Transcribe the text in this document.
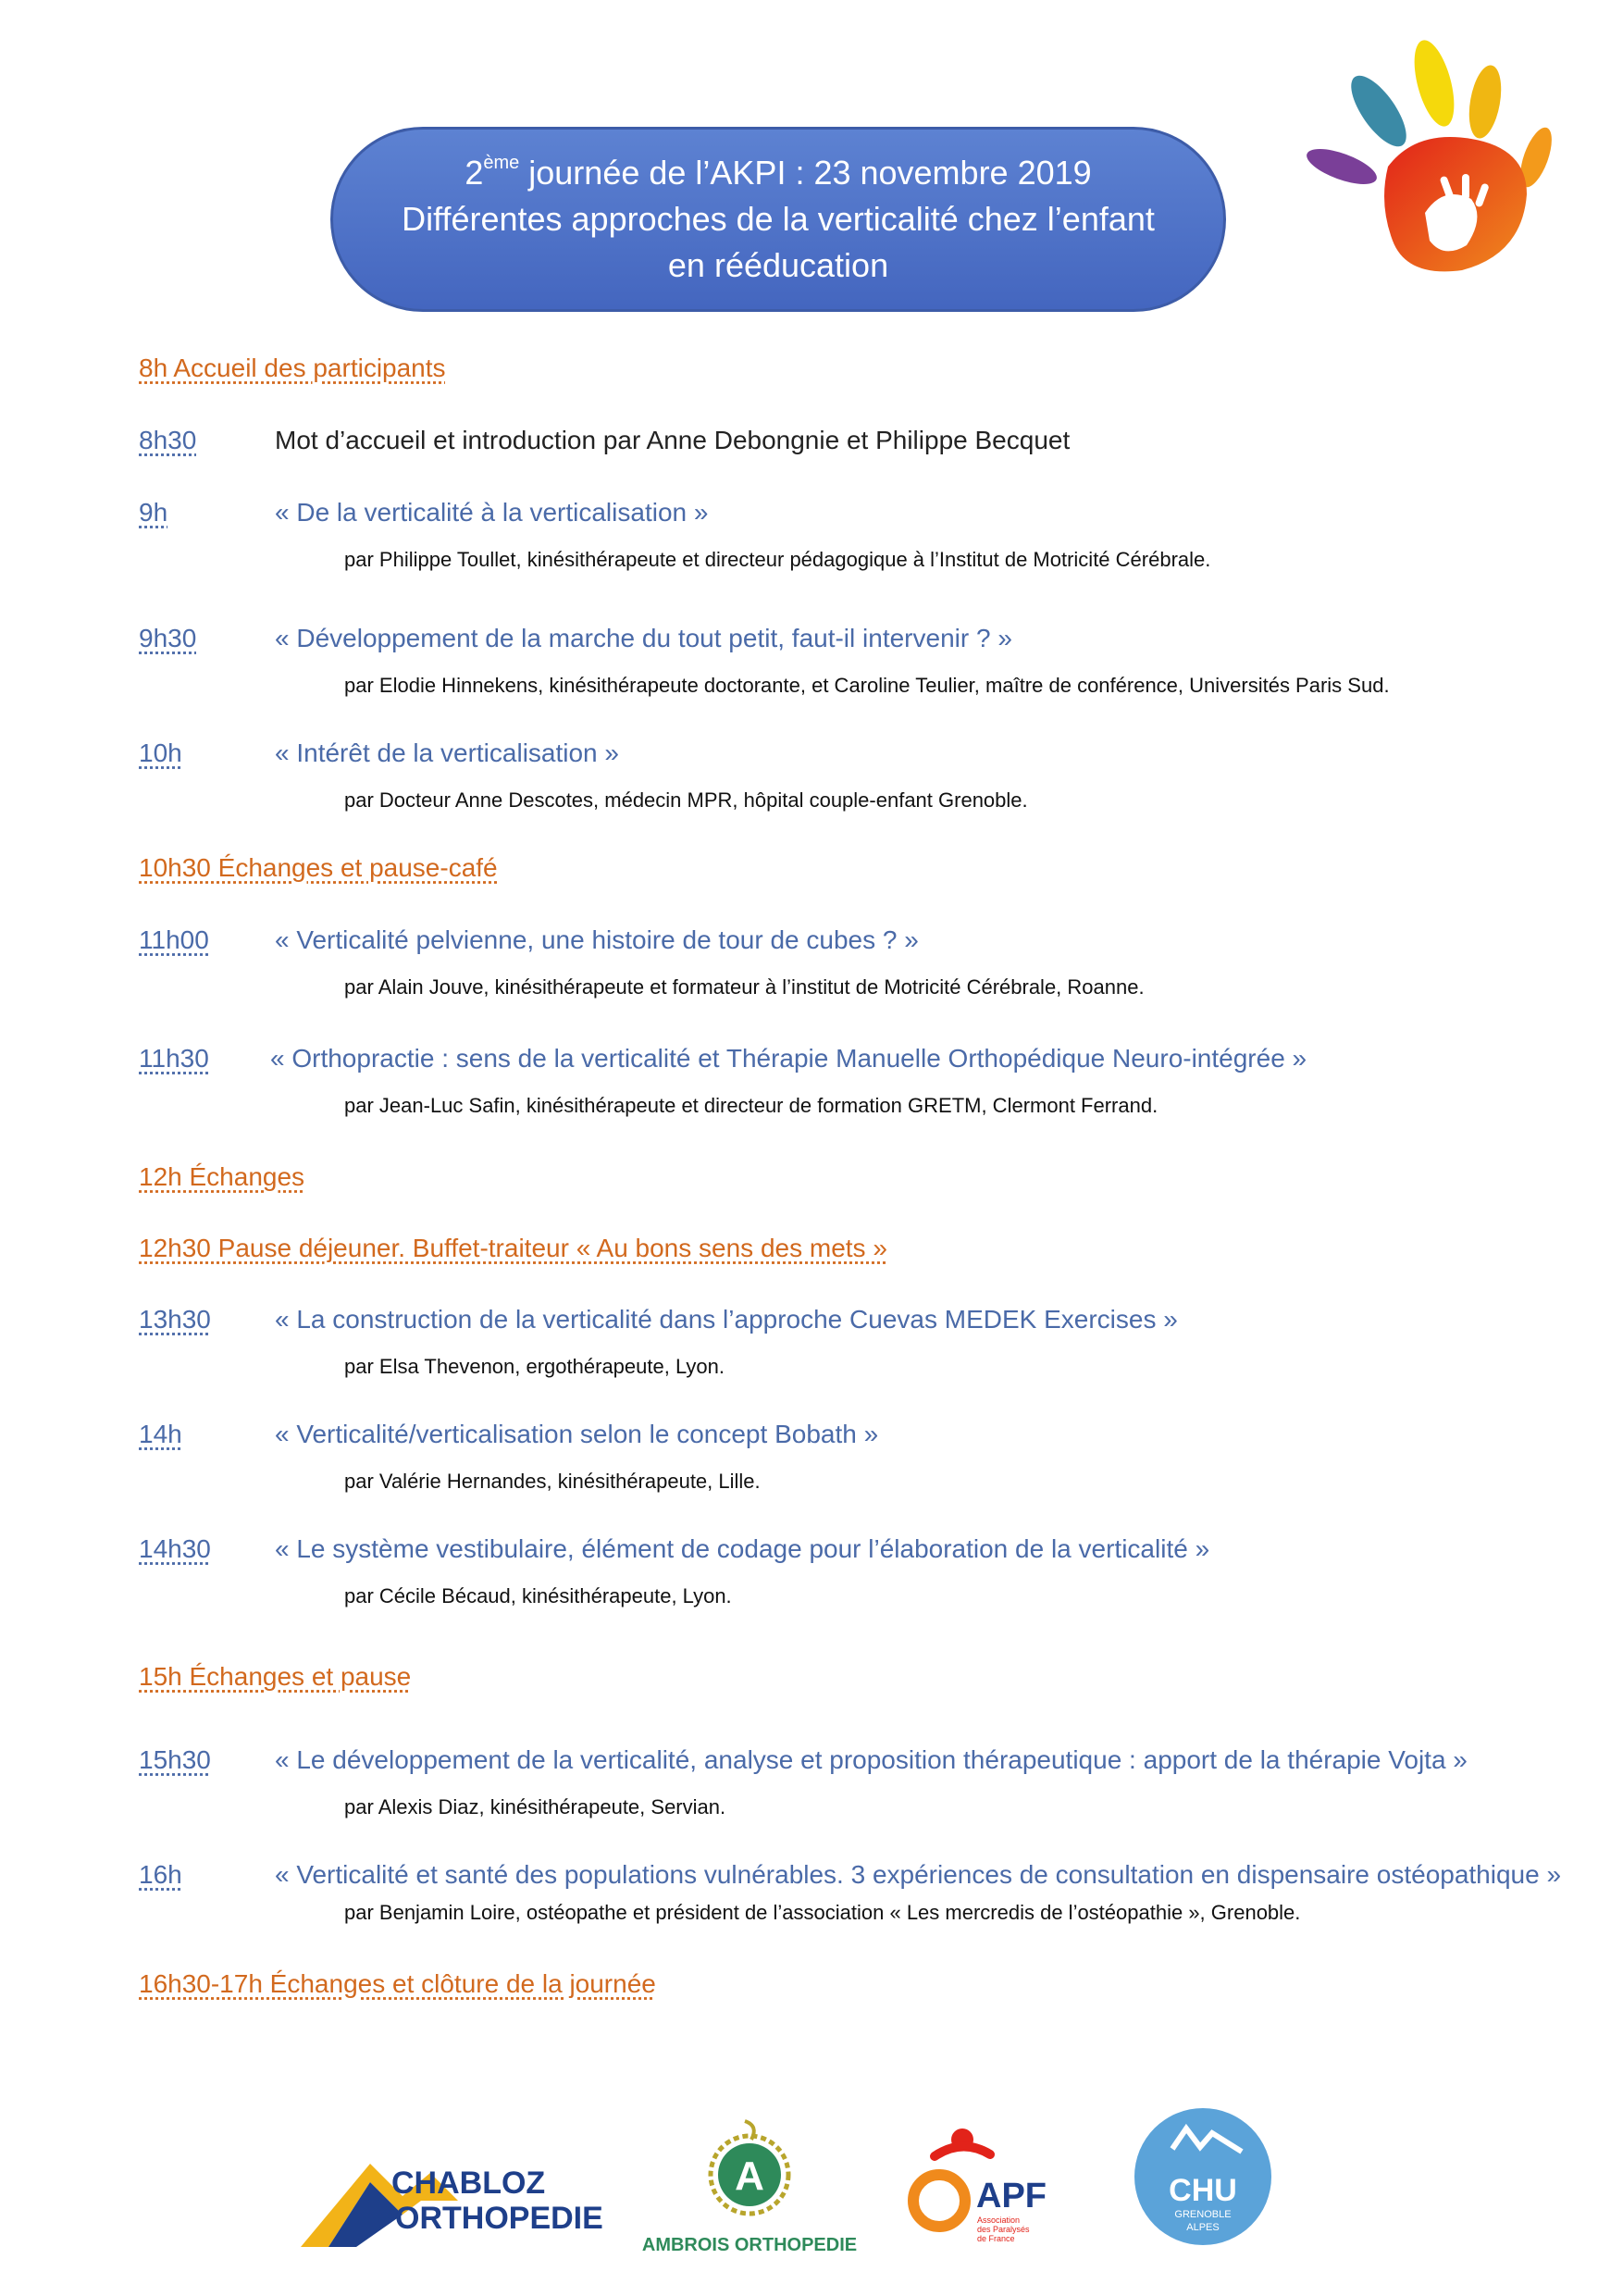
2ème journée de l’AKPI : 23 novembre 2019
Différentes approches de la verticalité chez l’enfant
en rééducation
8h Accueil des participants
10h30 Échanges et pause-café
12h Échanges
12h30 Pause déjeuner. Buffet-traiteur « Au bons sens des mets »
15h Échanges et pause
16h30-17h Échanges et clôture de la journée
8h30	Mot d’accueil et introduction par Anne Debongnie et Philippe Becquet
9h	« De la verticalité à la verticalisation »
par Philippe Toullet, kinésithérapeute et directeur pédagogique à l’Institut de Motricité Cérébrale.
9h30	« Développement de la marche du tout petit, faut-il intervenir ? »
par Elodie Hinnekens, kinésithérapeute doctorante, et Caroline Teulier, maître de conférence, Universités Paris Sud.
10h	« Intérêt de la verticalisation »
par Docteur Anne Descotes, médecin MPR, hôpital couple-enfant Grenoble.
11h00	« Verticalité pelvienne, une histoire de tour de cubes ? »
par Alain Jouve, kinésithérapeute et formateur à l’institut de Motricité Cérébrale, Roanne.
11h30 « Orthopractie : sens de la verticalité et Thérapie Manuelle Orthopédique Neuro-intégrée »
par Jean-Luc Safin, kinésithérapeute et directeur de formation GRETM, Clermont Ferrand.
13h30 « La construction de la verticalité dans l’approche Cuevas MEDEK Exercises »
par Elsa Thevenon, ergothérapeute, Lyon.
14h	« Verticalité/verticalisation selon le concept Bobath »
par Valérie Hernandes, kinésithérapeute, Lille.
14h30 « Le système vestibulaire, élément de codage pour l’élaboration de la verticalité »
par Cécile Bécaud, kinésithérapeute, Lyon.
15h30 « Le développement de la verticalité, analyse et proposition thérapeutique : apport de la thérapie Vojta »
par Alexis Diaz, kinésithérapeute, Servian.
16h	« Verticalité et santé des populations vulnérables. 3 expériences de consultation en dispensaire ostéopathique »
par Benjamin Loire, ostéopathe et président de l’association « Les mercredis de l’ostéopathie », Grenoble.
CHABLOZ
ORTHOPEDIE
A
AMBROIS ORTHOPEDIE
APF
Association
des Paralysés
de France
CHU
GRENOBLE
ALPES
